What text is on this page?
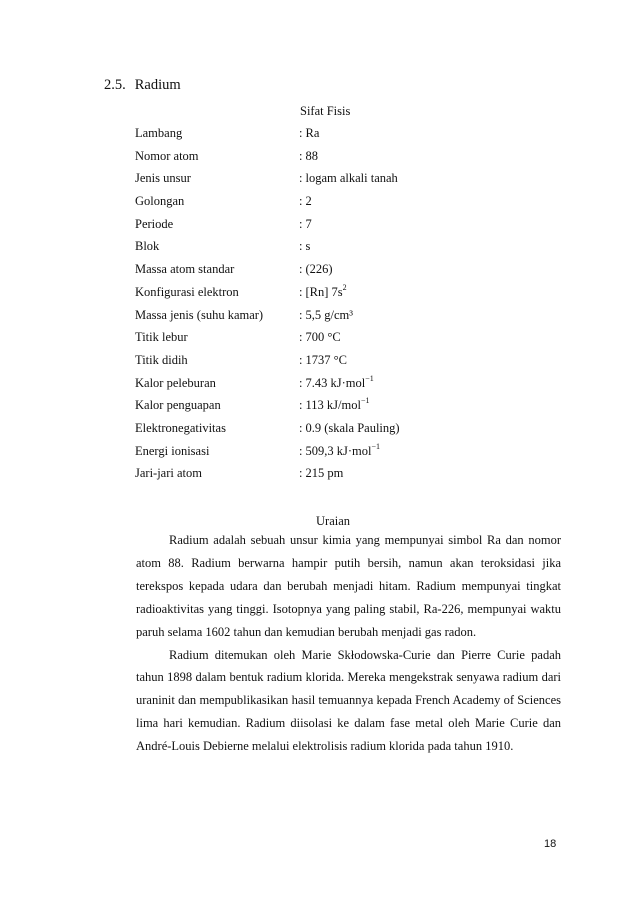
2.5. Radium
Sifat Fisis
Lambang	: Ra
Nomor atom	: 88
Jenis unsur	: logam alkali tanah
Golongan	: 2
Periode	: 7
Blok	: s
Massa atom standar	: (226)
Konfigurasi elektron	: [Rn] $7s^2$
Massa jenis (suhu kamar)	: 5,5 g/cm³
Titik lebur	: 700 °C
Titik didih	: 1737 °C
Kalor peleburan	: 7.43 kJ·mol$^{-1}$
Kalor penguapan	: 113 kJ/mol$^{-1}$
Elektronegativitas	: 0.9 (skala Pauling)
Energi ionisasi	: 509,3 kJ·mol$^{-1}$
Jari-jari atom	: 215 pm
Uraian

Radium adalah sebuah unsur kimia yang mempunyai simbol Ra dan nomor atom 88. Radium berwarna hampir putih bersih, namun akan teroksidasi jika terekspos kepada udara dan berubah menjadi hitam. Radium mempunyai tingkat radioaktivitas yang tinggi. Isotopnya yang paling stabil, Ra-226, mempunyai waktu paruh selama 1602 tahun dan kemudian berubah menjadi gas radon.

Radium ditemukan oleh Marie Skłodowska-Curie dan Pierre Curie padah tahun 1898 dalam bentuk radium klorida. Mereka mengekstrak senyawa radium dari uraninit dan mempublikasikan hasil temuannya kepada French Academy of Sciences lima hari kemudian. Radium diisolasi ke dalam fase metal oleh Marie Curie dan André-Louis Debierne melalui elektrolisis radium klorida pada tahun 1910.

18
